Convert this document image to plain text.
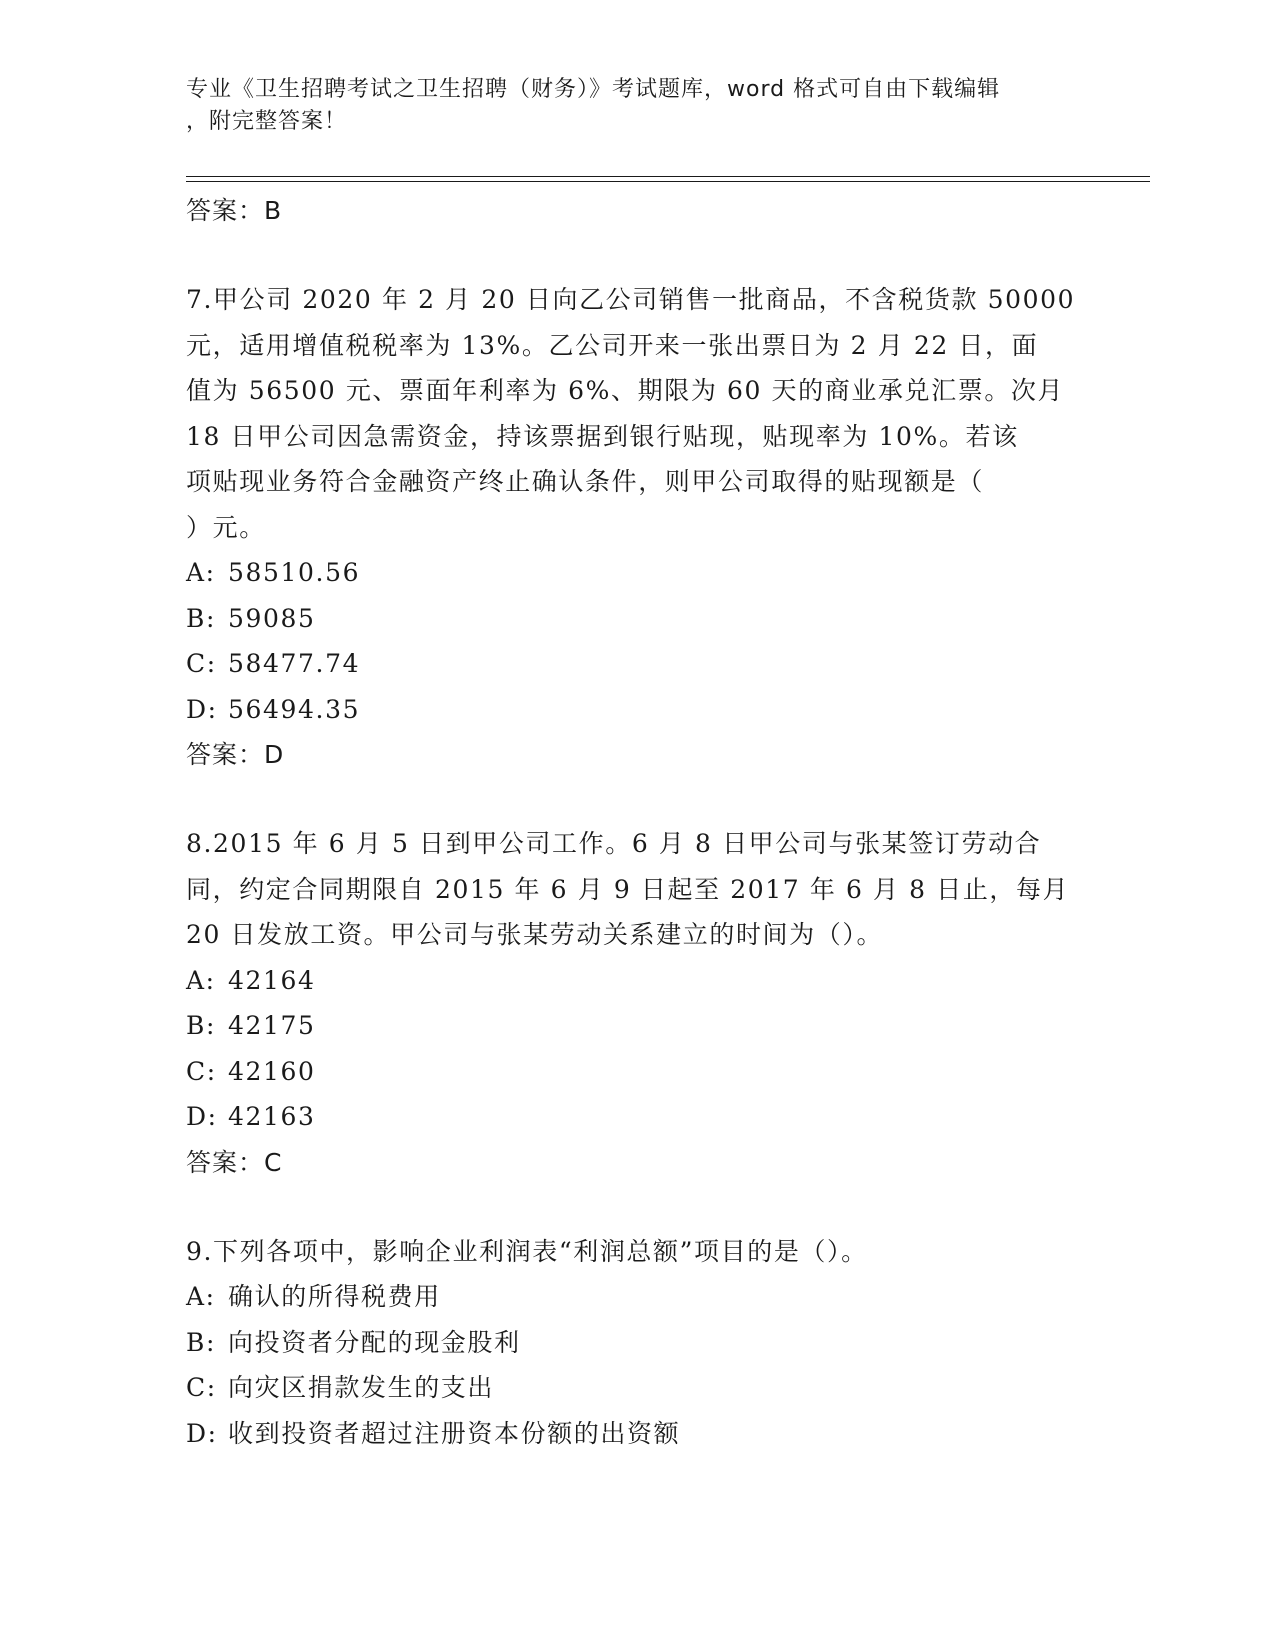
专业《卫生招聘考试之卫生招聘（财务）》考试题库，word 格式可自由下载编辑
，附完整答案！
答案：B
7.甲公司 2020 年 2 月 20 日向乙公司销售一批商品，不含税货款 50000
元，适用增值税税率为 13%。乙公司开来一张出票日为 2 月 22 日，面
值为 56500 元、票面年利率为 6%、期限为 60 天的商业承兑汇票。次月
18 日甲公司因急需资金，持该票据到银行贴现，贴现率为 10%。若该
项贴现业务符合金融资产终止确认条件，则甲公司取得的贴现额是（
）元。
A: 58510.56
B: 59085
C: 58477.74
D: 56494.35
答案：D
8.2015 年 6 月 5 日到甲公司工作。6 月 8 日甲公司与张某签订劳动合
同，约定合同期限自 2015 年 6 月 9 日起至 2017 年 6 月 8 日止，每月
20 日发放工资。甲公司与张某劳动关系建立的时间为（）。
A: 42164
B: 42175
C: 42160
D: 42163
答案：C
9.下列各项中，影响企业利润表“利润总额”项目的是（）。
A: 确认的所得税费用
B: 向投资者分配的现金股利
C: 向灾区捐款发生的支出
D: 收到投资者超过注册资本份额的出资额
